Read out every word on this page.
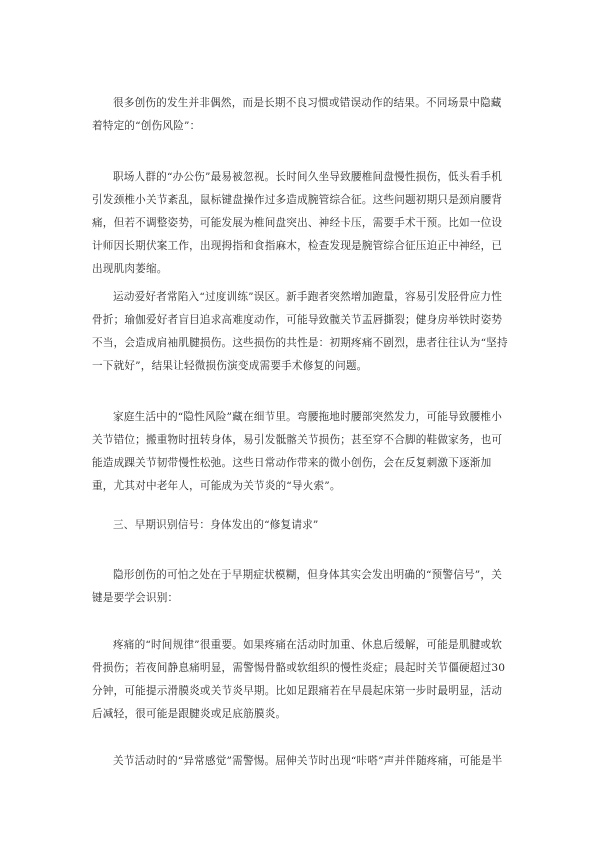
很多创伤的发生并非偶然，而是长期不良习惯或错误动作的结果。不同场景中隐藏着特定的“创伤风险”：

职场人群的“办公伤”最易被忽视。长时间久坐导致腰椎间盘慢性损伤，低头看手机引发颈椎小关节紊乱，鼠标键盘操作过多造成腕管综合征。这些问题初期只是颈肩腰背痛，但若不调整姿势，可能发展为椎间盘突出、神经卡压，需要手术干预。比如一位设计师因长期伏案工作，出现拇指和食指麻木，检查发现是腕管综合征压迫正中神经，已出现肌肉萎缩。

运动爱好者常陷入“过度训练”误区。新手跑者突然增加跑量，容易引发胫骨应力性骨折；瑜伽爱好者盲目追求高难度动作，可能导致髋关节盂唇撕裂；健身房举铁时姿势不当，会造成肩袖肌腱损伤。这些损伤的共性是：初期疼痛不剧烈，患者往往认为“坚持一下就好”，结果让轻微损伤演变成需要手术修复的问题。

家庭生活中的“隐性风险”藏在细节里。弯腰拖地时腰部突然发力，可能导致腰椎小关节错位；搬重物时扭转身体，易引发骶髂关节损伤；甚至穿不合脚的鞋做家务，也可能造成踝关节韧带慢性松弛。这些日常动作带来的微小创伤，会在反复刺激下逐渐加重，尤其对中老年人，可能成为关节炎的“导火索”。

三、早期识别信号：身体发出的“修复请求”

隐形创伤的可怕之处在于早期症状模糊，但身体其实会发出明确的“预警信号”，关键是要学会识别：

疼痛的“时间规律”很重要。如果疼痛在活动时加重、休息后缓解，可能是肌腱或软骨损伤；若夜间静息痛明显，需警惕骨骼或软组织的慢性炎症；晨起时关节僵硬超过30分钟，可能提示滑膜炎或关节炎早期。比如足跟痛若在早晨起床第一步时最明显，活动后减轻，很可能是跟腱炎或足底筋膜炎。

关节活动时的“异常感觉”需警惕。屈伸关节时出现“咔嗒”声并伴随疼痛，可能是半
